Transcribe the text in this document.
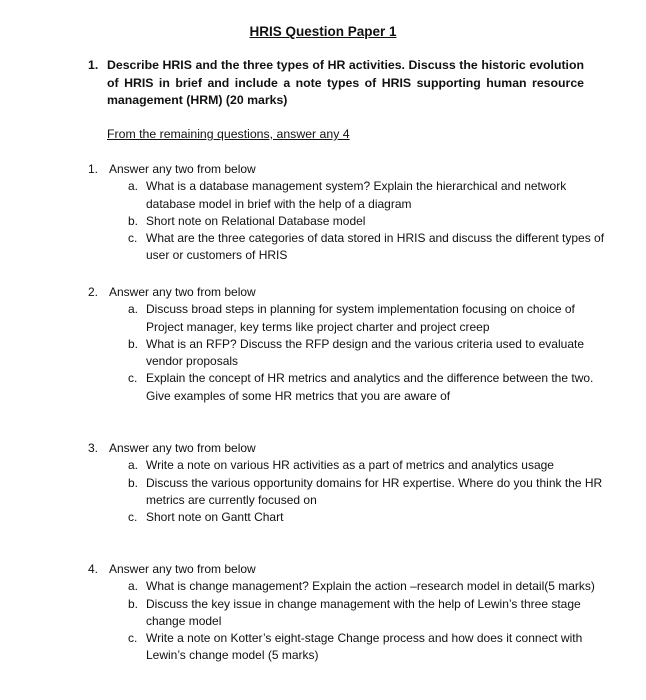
HRIS Question Paper 1
1. Describe HRIS and the three types of HR activities. Discuss the historic evolution of HRIS in brief and include a note types of HRIS supporting human resource management (HRM) (20 marks)
From the remaining questions, answer any 4
1. Answer any two from below
a. What is a database management system? Explain the hierarchical and network database model in brief with the help of a diagram
b. Short note on Relational Database model
c. What are the three categories of data stored in HRIS and discuss the different types of user or customers of HRIS
2. Answer any two from below
a. Discuss broad steps in planning for system implementation focusing on choice of Project manager, key terms like project charter and project creep
b. What is an RFP? Discuss the RFP design and the various criteria used to evaluate vendor proposals
c. Explain the concept of HR metrics and analytics and the difference between the two. Give examples of some HR metrics that you are aware of
3. Answer any two from below
a. Write a note on various HR activities as a part of metrics and analytics usage
b. Discuss the various opportunity domains for HR expertise. Where do you think the HR metrics are currently focused on
c. Short note on Gantt Chart
4. Answer any two from below
a. What is change management? Explain the action –research model in detail(5 marks)
b. Discuss the key issue in change management with the help of Lewin’s three stage change model
c. Write a note on Kotter’s eight-stage Change process and how does it connect with Lewin’s change model (5 marks)
